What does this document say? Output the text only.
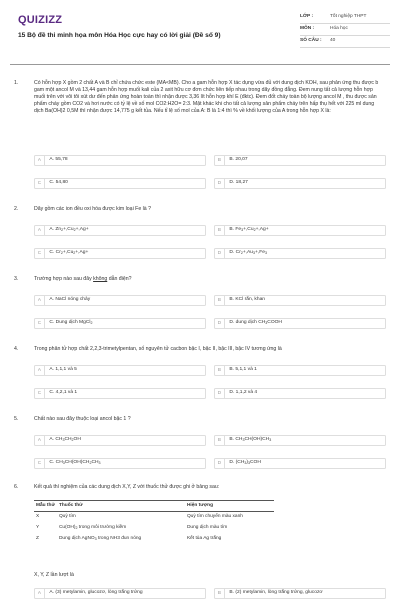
QUIZIZZ
15 Bộ đề thi minh họa môn Hóa Học cực hay có lời giải (Đề số 9)
LỚP :	Tốt nghiệp THPT
MÔN :	Hóa học
SỐ CÂU :	40
1.	Có hỗn hợp X gồm 2 chất A và B chỉ chứa chức este (MA<MB). Cho a gam hỗn hợp X tác dụng vừa đủ với dung dịch KOH, sau phản ứng thu được b gam một ancol M và 13,44 gam hỗn hợp muối kali của 2 axit hữu cơ đơn chức liên tiếp nhau trong dãy đồng đẳng. Đem nung tất cả lượng hỗn hợp muối trên với vôi tôi xút dư đến phản ứng hoàn toàn thì nhận được 3,36 lít hỗn hợp khí E (đktc). Đem đốt cháy toàn bộ lượng ancol M , thu được sản phẩm cháy gồm CO2 và hơi nước có tỷ lệ về số mol CO2:H2O= 2:3. Mặt khác khi cho tất cả lượng sản phẩm cháy trên hấp thụ hết với 225 ml dung dịch Ba(OH)2 0,5M thì nhận được 14,775 g kết tủa. Nếu tỉ lệ số mol của A: B là 1:4 thì % về khối lượng của A trong hỗn hợp X là:
A	A. 55,78	B	B. 20,07
C	C. 54,80	D	D. 18,27
2.	Dãy gồm các ion đều oxi hóa được kim loại Fe là ?
A	A. $Zn_2+,Cu_2+,Ag+$	B	B. $Fe_3+,Cu_2+,Ag+$
C	C. $Cr_2+,Cu_2+,Ag+$	D	D. $Cr_2+,Au_3+,Fe_3$
3.	Trường hợp nào sau đây không dẫn điện?
A	A. NaCl nóng chảy	B	B. KCl rắn, khan
C	C. Dung dịch MgCl$_2$	D	D. dung dịch $CH_3COOH$
4.	Trong phân tử hợp chất 2,2,3-trimetylpentan, số nguyên tử cacbon bậc I, bậc II, bậc III, bậc IV tương ứng là
A	A. 1,1,1 và 5	B	B. 5,1,1 và 1
C	C. 4,2,1 và 1	D	D. 1,1,2 và 4
5.	Chất nào sau đây thuộc loại ancol bậc 1 ?
A	A. $CH_3CH_2OH$	B	B. $CH_3CH(OH)CH_3$
C	C. $CH_3CH(OH)CH_2CH_3$	D	D. $(CH_3)_3COH$
6.	Kết quả thí nghiệm của các dung dịch X,Y, Z với thuốc thử được ghi ở bảng sau:
Mẫu thử	Thuốc thử	Hiện tượng
X	Quỳ tím	Quỳ tím chuyển màu xanh
Y	$Cu(OH)_2$ trong môi trường kiềm	Dung dịch màu tím
Z	Dung dịch AgNO$_3$ trong NH3 đun nóng	Kết tủa Ag trắng
X, Y, Z lần lượt là
A	A. (3) metylamin, glucozơ, lòng trắng trứng	B	B. (2) metylamin, lòng trắng trứng, glucozơ
